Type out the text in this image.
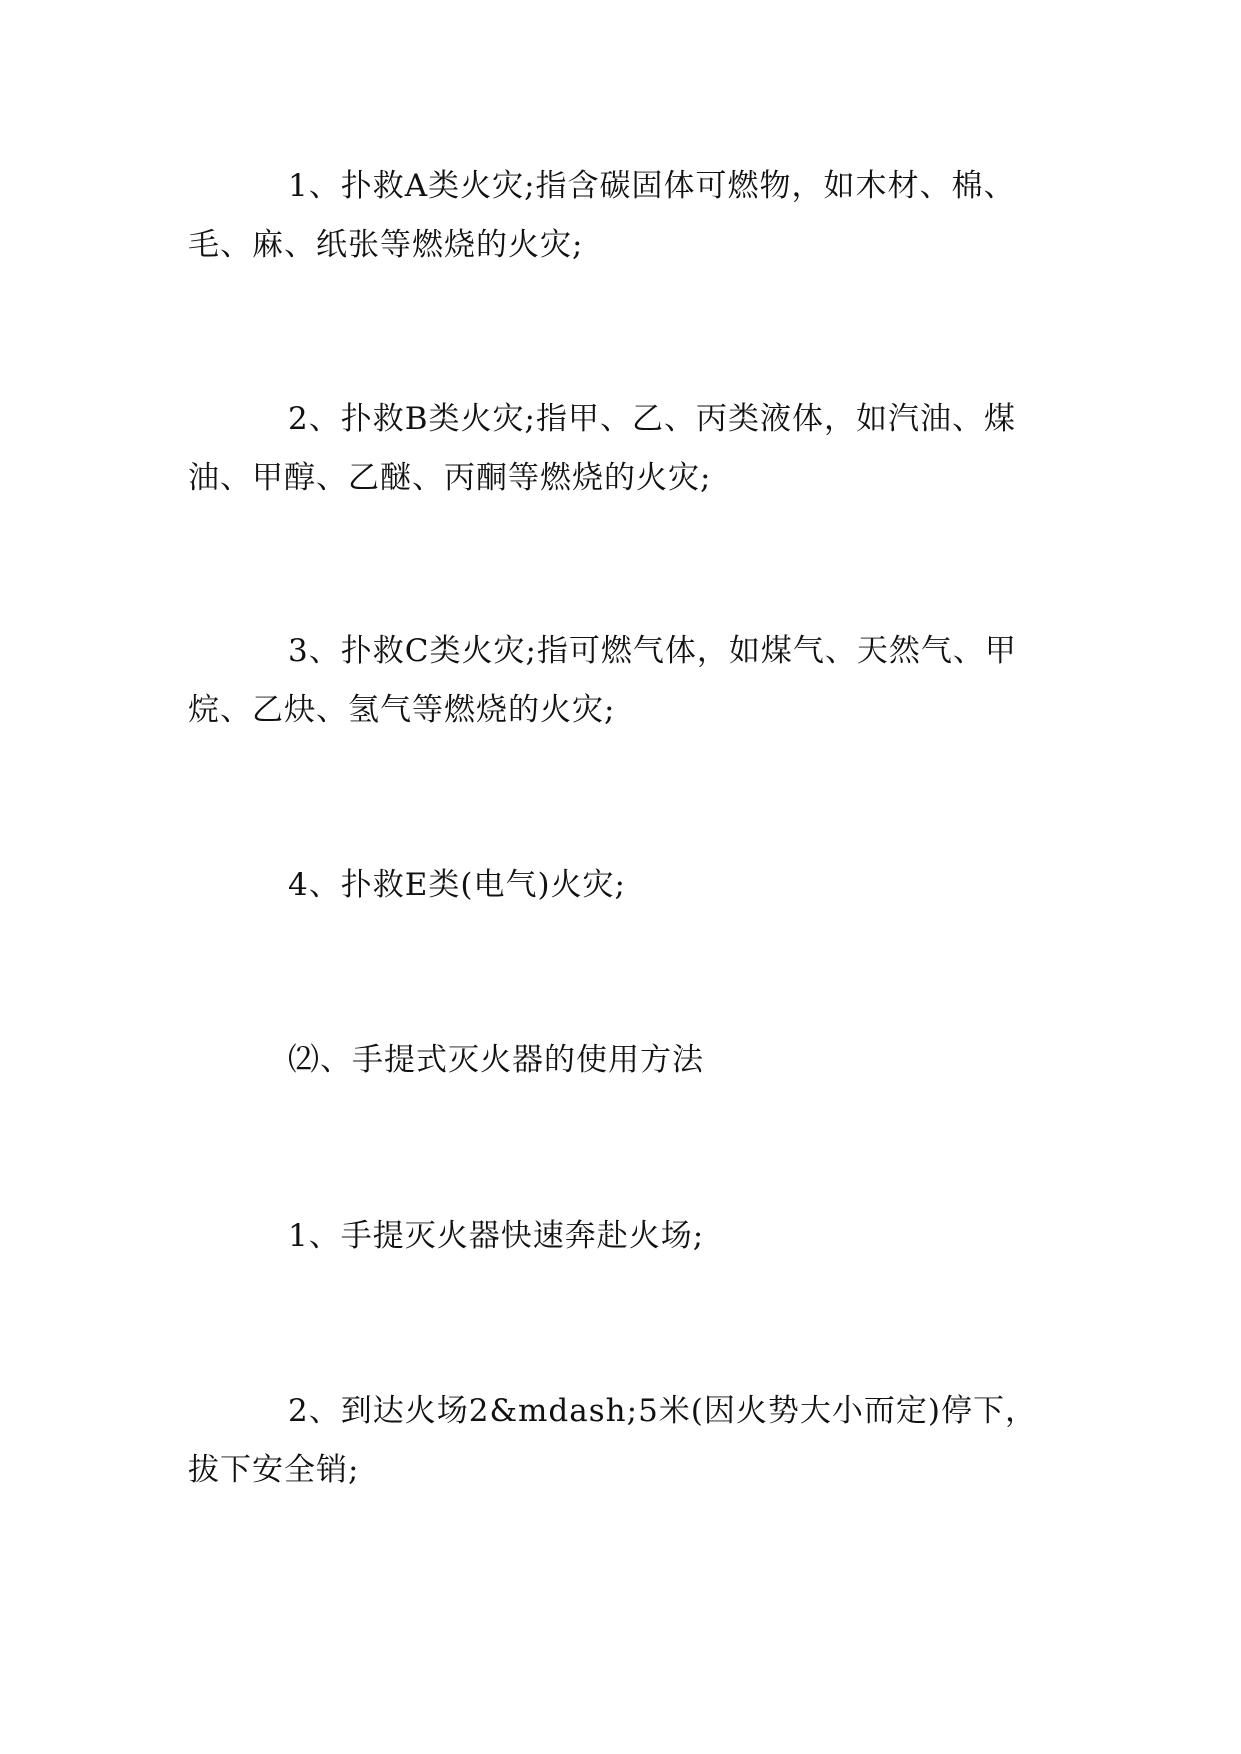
1、扑救A类火灾;指含碳固体可燃物，如木材、棉、毛、麻、纸张等燃烧的火灾;

2、扑救B类火灾;指甲、乙、丙类液体，如汽油、煤油、甲醇、乙醚、丙酮等燃烧的火灾;

3、扑救C类火灾;指可燃气体，如煤气、天然气、甲烷、乙炔、氢气等燃烧的火灾;

4、扑救E类(电气)火灾;

⑵、手提式灭火器的使用方法

1、手提灭火器快速奔赴火场;

2、到达火场2&mdash;5米(因火势大小而定)停下，拔下安全销;
